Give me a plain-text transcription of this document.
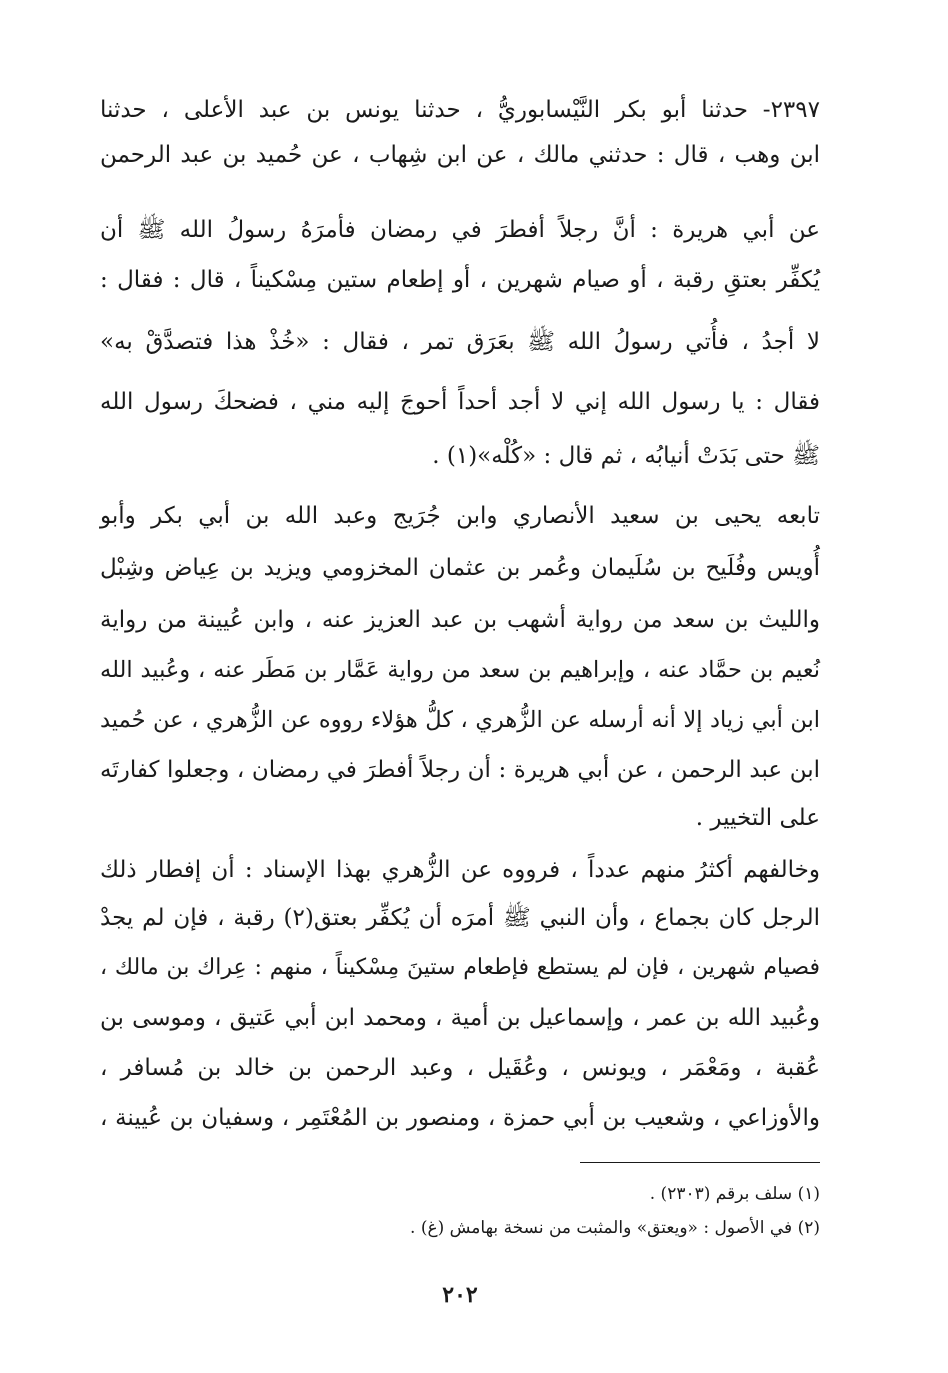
٢٣٩٧- حدثنا أبو بكر النَّيْسابوريُّ ، حدثنا يونس بن عبد الأعلى ، حدثنا
ابن وهب ، قال : حدثني مالك ، عن ابن شِهاب ، عن حُميد بن عبد الرحمن
عن أبي هريرة : أنَّ رجلاً أفطرَ في رمضان فأمرَهُ رسولُ الله ﷺ أن
يُكفِّر بعتقِ رقبة ، أو صيام شهرين ، أو إطعام ستين مِسْكيناً ، قال : فقال :
لا أجدُ ، فأُتي رسولُ الله ﷺ بعَرَق تمر ، فقال : «خُذْ هذا فتصدَّقْ به»
فقال : يا رسول الله إني لا أجد أحداً أحوجَ إليه مني ، فضحكَ رسول الله
ﷺ حتى بَدَتْ أنيابُه ، ثم قال : «كُلْه»(١) .
تابعه يحيى بن سعيد الأنصاري وابن جُرَيج وعبد الله بن أبي بكر وأبو
أُويس وفُلَيح بن سُلَيمان وعُمر بن عثمان المخزومي ويزيد بن عِياض وشِبْل
والليث بن سعد من رواية أشهب بن عبد العزيز عنه ، وابن عُيينة من رواية
نُعيم بن حمَّاد عنه ، وإبراهيم بن سعد من رواية عَمَّار بن مَطَر عنه ، وعُبيد الله
ابن أبي زياد إلا أنه أرسله عن الزُّهري ، كلُّ هؤلاء رووه عن الزُّهري ، عن حُميد
ابن عبد الرحمن ، عن أبي هريرة : أن رجلاً أفطرَ في رمضان ، وجعلوا كفارتَه
على التخيير .
وخالفهم أكثرُ منهم عدداً ، فرووه عن الزُّهري بهذا الإسناد : أن إفطار ذلك
الرجل كان بجماع ، وأن النبي ﷺ أمرَه أن يُكفِّر بعتق(٢) رقبة ، فإن لم يجدْ
فصيام شهرين ، فإن لم يستطع فإطعام ستينَ مِسْكيناً ، منهم : عِراك بن مالك ،
وعُبيد الله بن عمر ، وإسماعيل بن أمية ، ومحمد ابن أبي عَتيق ، وموسى بن
عُقبة ، ومَعْمَر ، ويونس ، وعُقَيل ، وعبد الرحمن بن خالد بن مُسافر ،
والأوزاعي ، وشعيب بن أبي حمزة ، ومنصور بن المُعْتَمِر ، وسفيان بن عُيينة ،
(١) سلف برقم (٢٣٠٣) .
(٢) في الأصول : «ويعتق» والمثبت من نسخة بهامش (غ) .
٢٠٢
